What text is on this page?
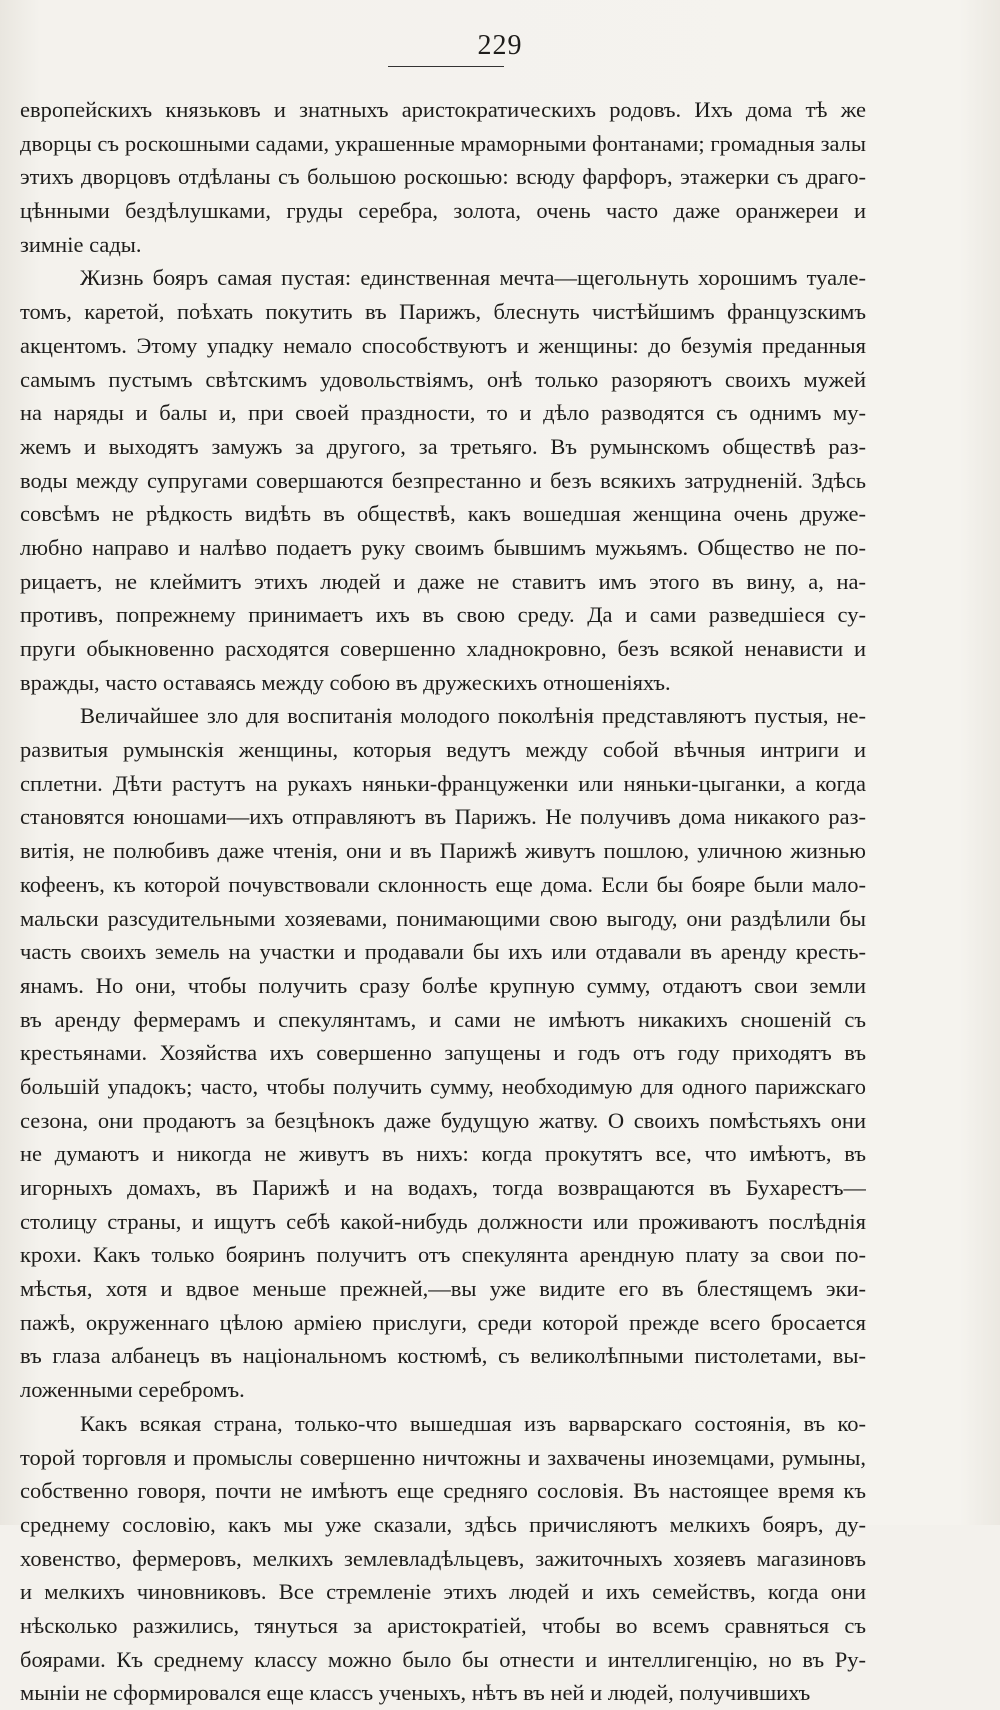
229
европейскихъ князьковъ и знатныхъ аристократическихъ родовъ. Ихъ дома тѣ же
дворцы съ роскошными садами, украшенные мраморными фонтанами; громадныя залы
этихъ дворцовъ отдѣланы съ большою роскошью: всюду фарфоръ, этажерки съ драго-
цѣнными бездѣлушками, груды серебра, золота, очень часто даже оранжереи и
зимніе сады.
Жизнь бояръ самая пустая: единственная мечта—щегольнуть хорошимъ туале-
томъ, каретой, поѣхать покутить въ Парижъ, блеснуть чистѣйшимъ французскимъ
акцентомъ. Этому упадку немало способствуютъ и женщины: до безумія преданныя
самымъ пустымъ свѣтскимъ удовольствіямъ, онѣ только разоряютъ своихъ мужей
на наряды и балы и, при своей праздности, то и дѣло разводятся съ однимъ му-
жемъ и выходятъ замужъ за другого, за третьяго. Въ румынскомъ обществѣ раз-
воды между супругами совершаются безпрестанно и безъ всякихъ затрудненій. Здѣсь
совсѣмъ не рѣдкость видѣть въ обществѣ, какъ вошедшая женщина очень друже-
любно направо и налѣво подаетъ руку своимъ бывшимъ мужьямъ. Общество не по-
рицаетъ, не клеймитъ этихъ людей и даже не ставитъ имъ этого въ вину, а, на-
противъ, попрежнему принимаетъ ихъ въ свою среду. Да и сами разведшіеся су-
пруги обыкновенно расходятся совершенно хладнокровно, безъ всякой ненависти и
вражды, часто оставаясь между собою въ дружескихъ отношеніяхъ.
Величайшее зло для воспитанія молодого поколѣнія представляютъ пустыя, не-
развитыя румынскія женщины, которыя ведутъ между собой вѣчныя интриги и
сплетни. Дѣти растутъ на рукахъ няньки-француженки или няньки-цыганки, а когда
становятся юношами—ихъ отправляютъ въ Парижъ. Не получивъ дома никакого раз-
витія, не полюбивъ даже чтенія, они и въ Парижѣ живутъ пошлою, уличною жизнью
кофеенъ, къ которой почувствовали склонность еще дома. Если бы бояре были мало-
мальски разсудительными хозяевами, понимающими свою выгоду, они раздѣлили бы
часть своихъ земель на участки и продавали бы ихъ или отдавали въ аренду кресть-
янамъ. Но они, чтобы получить сразу болѣе крупную сумму, отдаютъ свои земли
въ аренду фермерамъ и спекулянтамъ, и сами не имѣютъ никакихъ сношеній съ
крестьянами. Хозяйства ихъ совершенно запущены и годъ отъ году приходятъ въ
большій упадокъ; часто, чтобы получить сумму, необходимую для одного парижскаго
сезона, они продаютъ за безцѣнокъ даже будущую жатву. О своихъ помѣстьяхъ они
не думаютъ и никогда не живутъ въ нихъ: когда прокутятъ все, что имѣютъ, въ
игорныхъ домахъ, въ Парижѣ и на водахъ, тогда возвращаются въ Бухарестъ—
столицу страны, и ищутъ себѣ какой-нибудь должности или проживаютъ послѣднія
крохи. Какъ только бояринъ получитъ отъ спекулянта арендную плату за свои по-
мѣстья, хотя и вдвое меньше прежней,—вы уже видите его въ блестящемъ эки-
пажѣ, окруженнаго цѣлою арміею прислуги, среди которой прежде всего бросается
въ глаза албанецъ въ національномъ костюмѣ, съ великолѣпными пистолетами, вы-
ложенными серебромъ.
Какъ всякая страна, только-что вышедшая изъ варварскаго состоянія, въ ко-
торой торговля и промыслы совершенно ничтожны и захвачены иноземцами, румыны,
собственно говоря, почти не имѣютъ еще средняго сословія. Въ настоящее время къ
среднему сословію, какъ мы уже сказали, здѣсь причисляютъ мелкихъ бояръ, ду-
ховенство, фермеровъ, мелкихъ землевладѣльцевъ, зажиточныхъ хозяевъ магазиновъ
и мелкихъ чиновниковъ. Все стремленіе этихъ людей и ихъ семействъ, когда они
нѣсколько разжились, тянуться за аристократіей, чтобы во всемъ сравняться съ
боярами. Къ среднему классу можно было бы отнести и интеллигенцію, но въ Ру-
мыніи не сформировался еще классъ ученыхъ, нѣтъ въ ней и людей, получившихъ
